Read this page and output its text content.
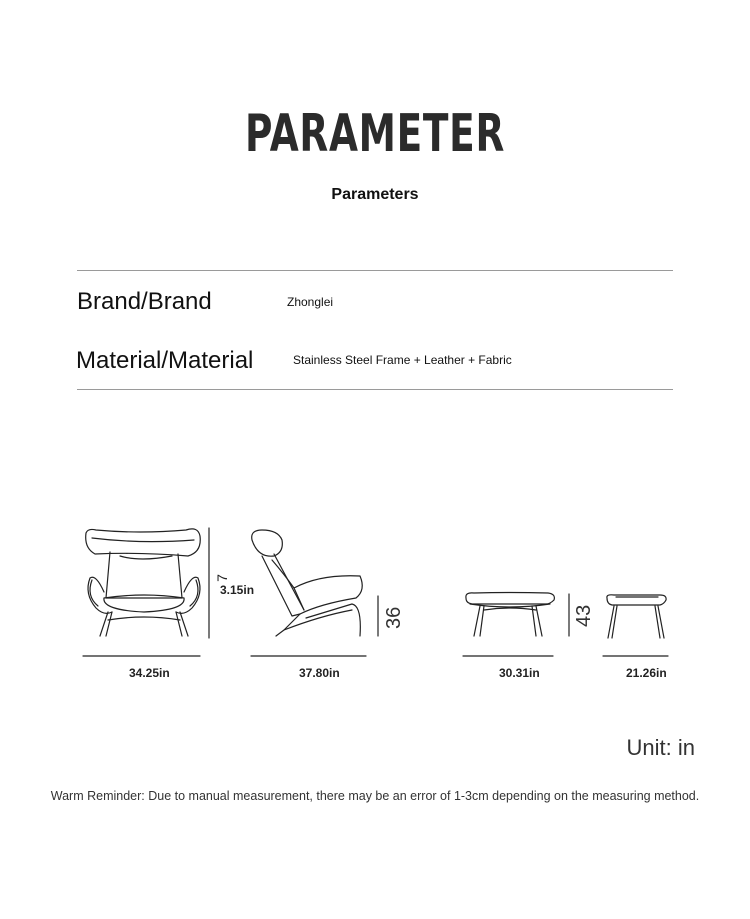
PARAMETER
Parameters
Brand/Brand	Zhonglei
Material/Material	Stainless Steel Frame + Leather + Fabric
34.25in
3.15in
7
37.80in
36
30.31in
43
21.26in
Unit: in
Warm Reminder: Due to manual measurement, there may be an error of 1-3cm depending on the measuring method.
